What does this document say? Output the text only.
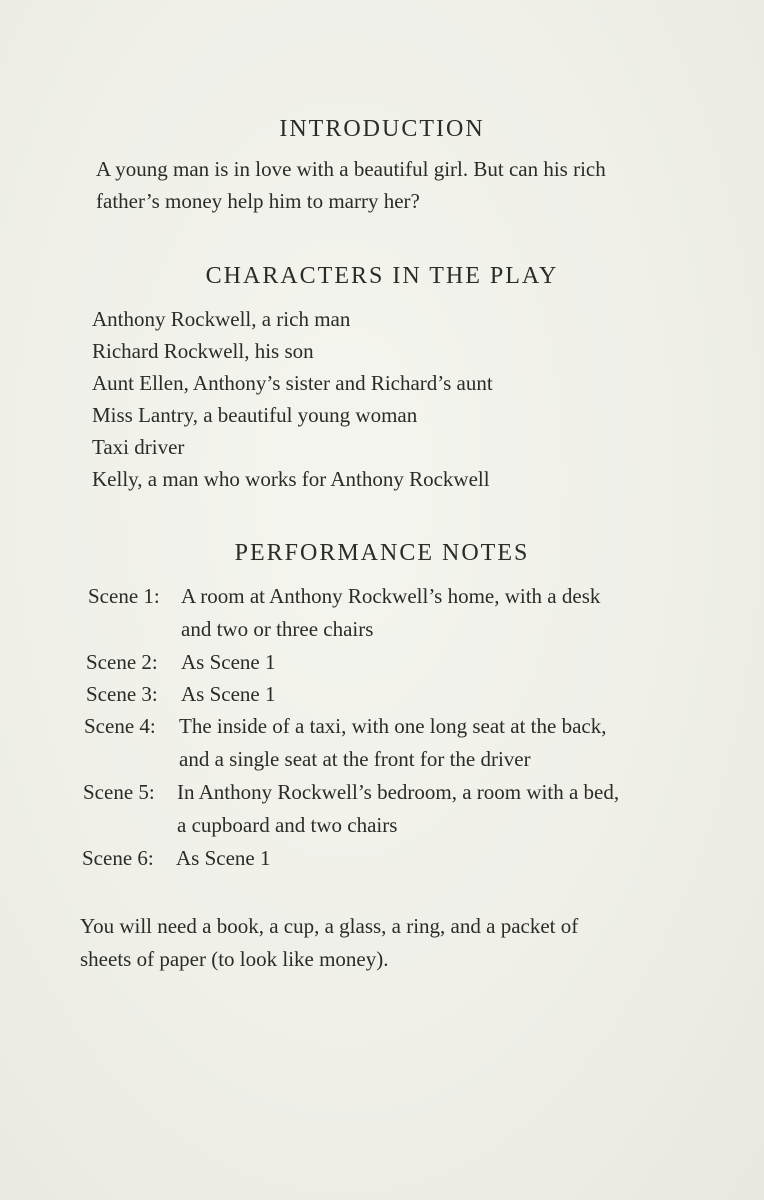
INTRODUCTION
A young man is in love with a beautiful girl. But can his rich
father’s money help him to marry her?
CHARACTERS IN THE PLAY
Anthony Rockwell, a rich man
Richard Rockwell, his son
Aunt Ellen, Anthony’s sister and Richard’s aunt
Miss Lantry, a beautiful young woman
Taxi driver
Kelly, a man who works for Anthony Rockwell
PERFORMANCE NOTES
Scene 1: A room at Anthony Rockwell’s home, with a desk
and two or three chairs
Scene 2: As Scene 1
Scene 3: As Scene 1
Scene 4: The inside of a taxi, with one long seat at the back,
and a single seat at the front for the driver
Scene 5: In Anthony Rockwell’s bedroom, a room with a bed,
a cupboard and two chairs
Scene 6: As Scene 1
You will need a book, a cup, a glass, a ring, and a packet of
sheets of paper (to look like money).
